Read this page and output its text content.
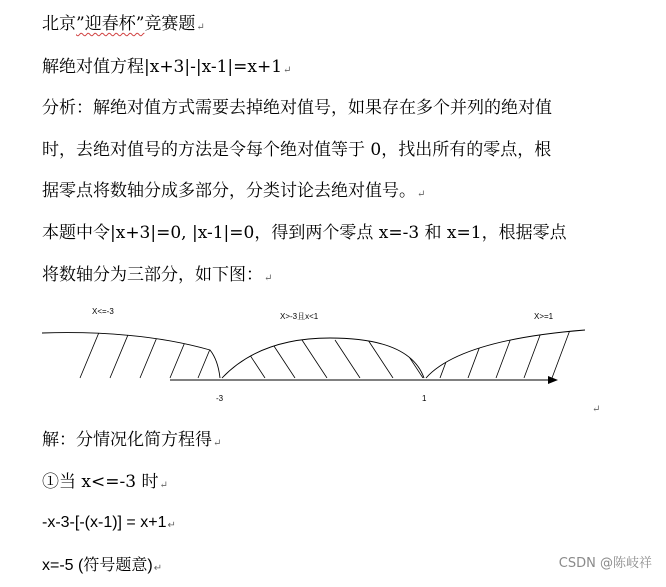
北京”迎春杯”竞赛题↵
解绝对值方程|x+3|-|x-1|=x+1↵
分析：解绝对值方式需要去掉绝对值号，如果存在多个并列的绝对值
时，去绝对值号的方法是令每个绝对值等于 0，找出所有的零点，根
据零点将数轴分成多部分，分类讨论去绝对值号。↵
本题中令|x+3|=0, |x-1|=0，得到两个零点 x=-3 和 x=1，根据零点
将数轴分为三部分，如下图：↵
X<=-3
X>-3且x<1	X>=1
-3	1
↵
解：分情况化简方程得↵
①当 x<=-3 时↵
-x-3-[-(x-1)] = x+1↵
x=-5 (符号题意)↵	CSDN @陈岐祥
